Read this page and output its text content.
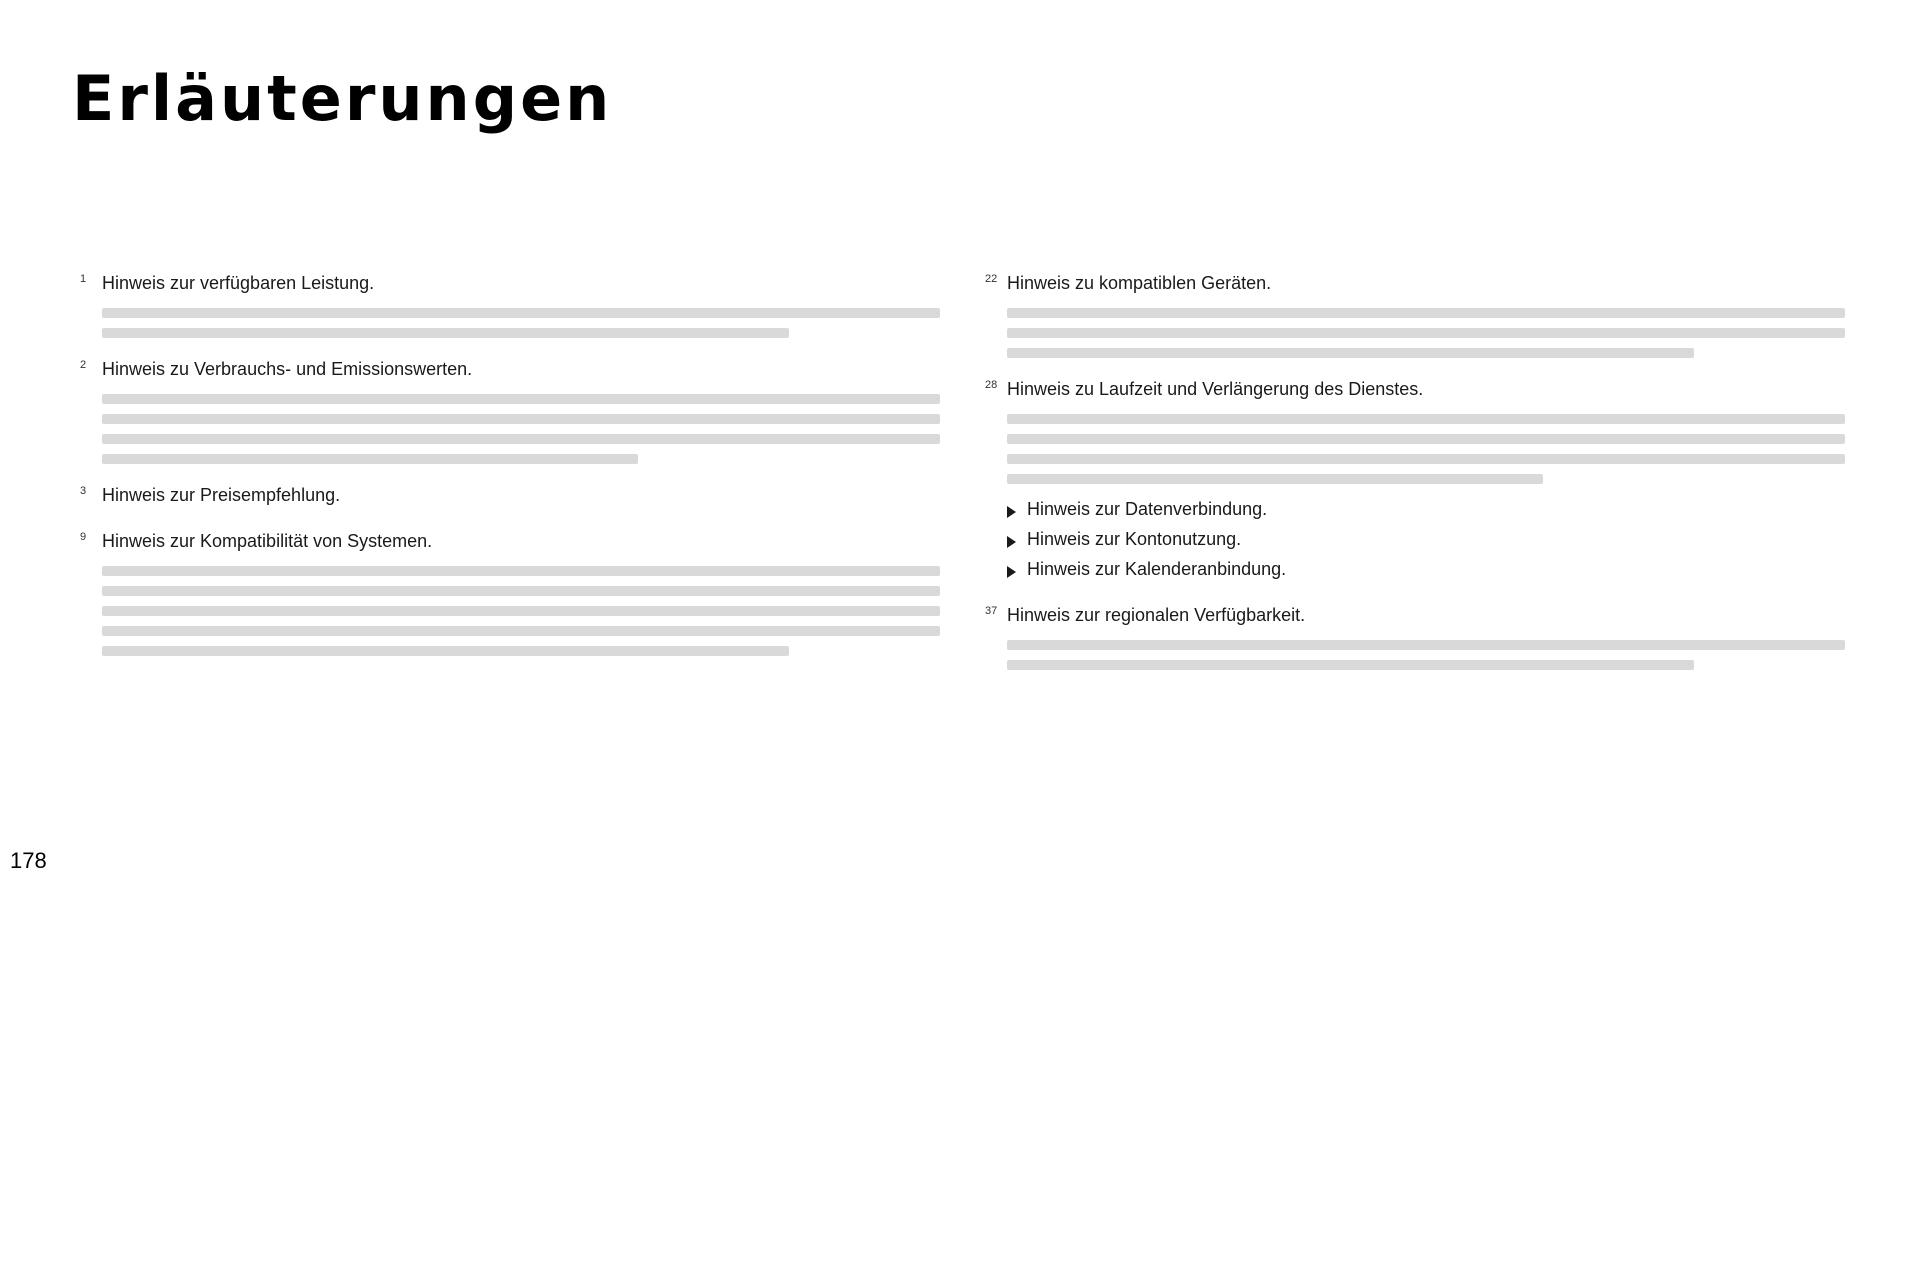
Erläuterungen
178
1 Hinweis zur verfügbaren Leistung.
2 Hinweis zu Verbrauchs- und Emissionswerten.
3 Hinweis zur Preisempfehlung.
9 Hinweis zur Kompatibilität von Systemen.
22 Hinweis zu kompatiblen Geräten.
28 Hinweis zu Laufzeit und Verlängerung des Dienstes.
Hinweis zur Datenverbindung.
Hinweis zur Kontonutzung.
Hinweis zur Kalenderanbindung.
37 Hinweis zur regionalen Verfügbarkeit.
